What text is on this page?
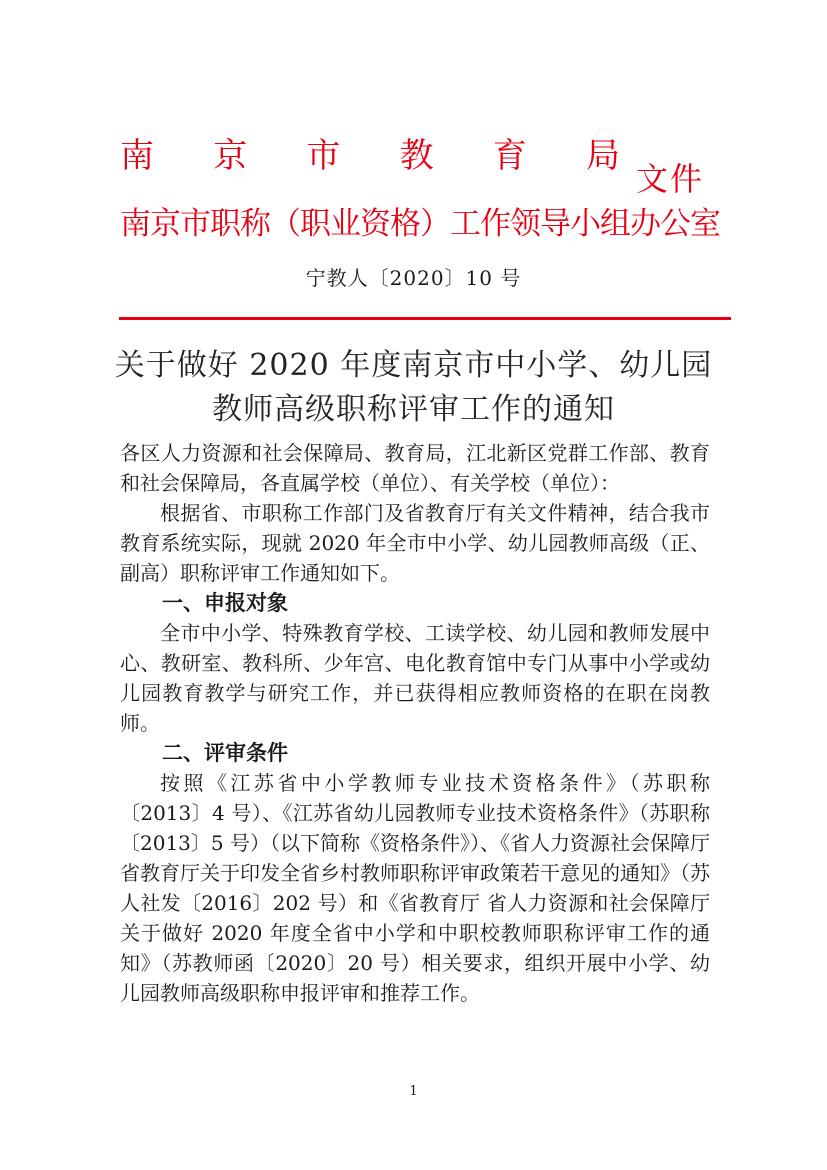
南 京 市 教 育 局
文件
南京市职称（职业资格）工作领导小组办公室
宁教人〔2020〕10 号
关于做好 2020 年度南京市中小学、幼儿园
教师高级职称评审工作的通知

各区人力资源和社会保障局、教育局，江北新区党群工作部、教育和社会保障局，各直属学校（单位）、有关学校（单位）：

根据省、市职称工作部门及省教育厅有关文件精神，结合我市教育系统实际，现就 2020 年全市中小学、幼儿园教师高级（正、副高）职称评审工作通知如下。

一、申报对象

全市中小学、特殊教育学校、工读学校、幼儿园和教师发展中心、教研室、教科所、少年宫、电化教育馆中专门从事中小学或幼儿园教育教学与研究工作，并已获得相应教师资格的在职在岗教师。

二、评审条件

按照《江苏省中小学教师专业技术资格条件》（苏职称〔2013〕4 号）、《江苏省幼儿园教师专业技术资格条件》（苏职称〔2013〕5 号）（以下简称《资格条件》）、《省人力资源社会保障厅 省教育厅关于印发全省乡村教师职称评审政策若干意见的通知》（苏人社发〔2016〕202 号）和《省教育厅 省人力资源和社会保障厅关于做好 2020 年度全省中小学和中职校教师职称评审工作的通知》（苏教师函〔2020〕20 号）相关要求，组织开展中小学、幼儿园教师高级职称申报评审和推荐工作。

1
